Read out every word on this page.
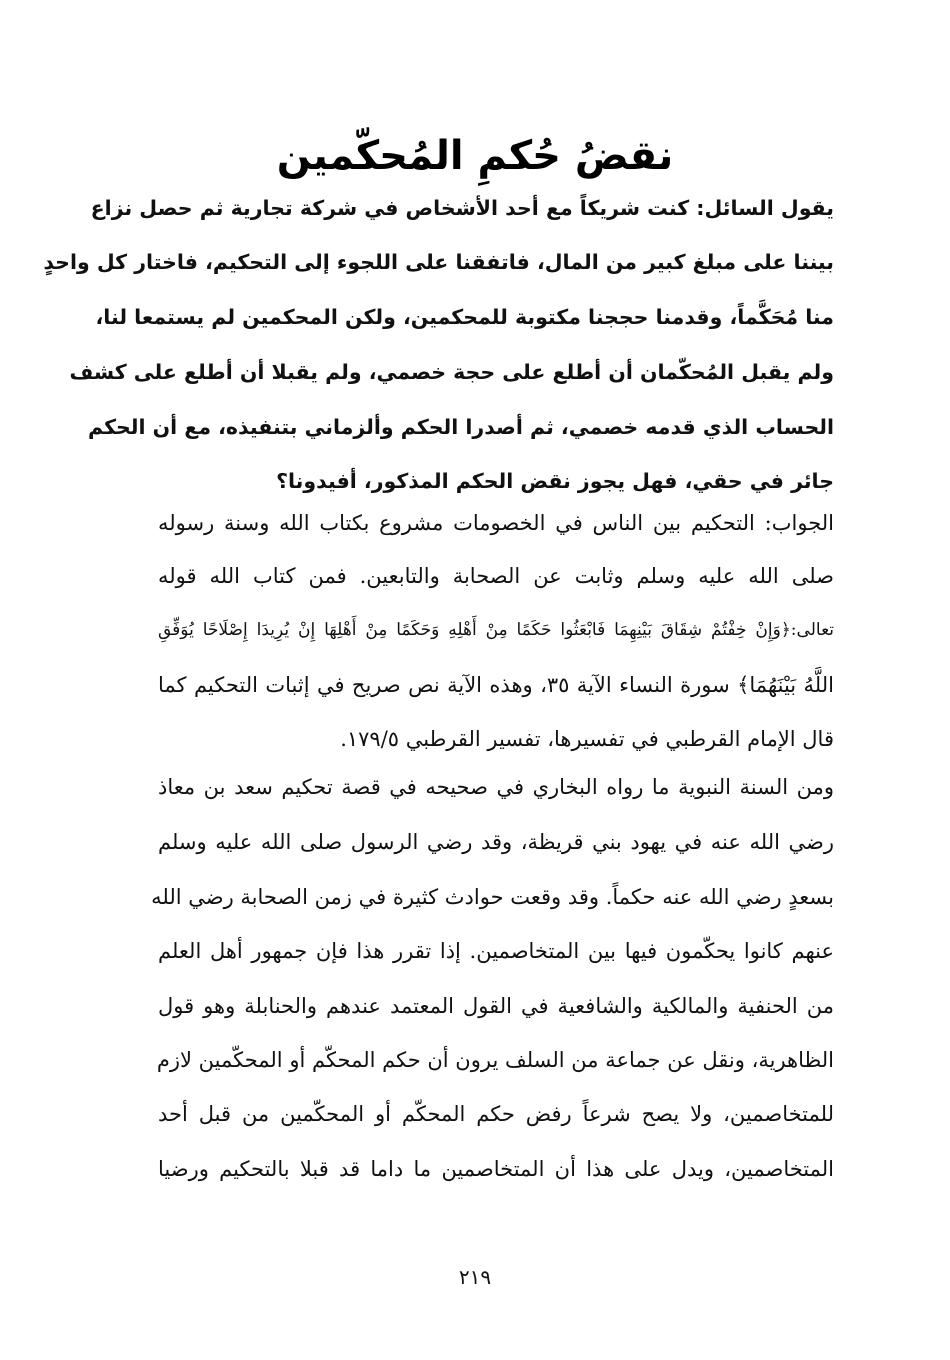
نقضُ حُكمِ المُحكّمين
يقول السائل: كنت شريكاً مع أحد الأشخاص في شركة تجارية ثم حصل نزاع
بيننا على مبلغ كبير من المال، فاتفقنا على اللجوء إلى التحكيم، فاختار كل واحدٍ
منا مُحَكَّماً، وقدمنا حججنا مكتوبة للمحكمين، ولكن المحكمين لم يستمعا لنا،
ولم يقبل المُحكّمان أن أطلع على حجة خصمي، ولم يقبلا أن أطلع على كشف
الحساب الذي قدمه خصمي، ثم أصدرا الحكم وألزماني بتنفيذه، مع أن الحكم
جائر في حقي، فهل يجوز نقض الحكم المذكور، أفيدونا؟
الجواب: التحكيم بين الناس في الخصومات مشروع بكتاب الله وسنة رسوله
صلى الله عليه وسلم وثابت عن الصحابة والتابعين. فمن كتاب الله قوله
تعالى:﴿وَإِنْ خِفْتُمْ شِقَاقَ بَيْنِهِمَا فَابْعَثُوا حَكَمًا مِنْ أَهْلِهِ وَحَكَمًا مِنْ أَهْلِهَا إِنْ يُرِيدَا إِصْلَاحًا يُوَفِّقِ
اللَّهُ بَيْنَهُمَا﴾ سورة النساء الآية ٣٥، وهذه الآية نص صريح في إثبات التحكيم كما
قال الإمام القرطبي في تفسيرها، تفسير القرطبي ١٧٩/٥.
ومن السنة النبوية ما رواه البخاري في صحيحه في قصة تحكيم سعد بن معاذ
رضي الله عنه في يهود بني قريظة، وقد رضي الرسول صلى الله عليه وسلم
بسعدٍ رضي الله عنه حكماً. وقد وقعت حوادث كثيرة في زمن الصحابة رضي الله
عنهم كانوا يحكّمون فيها بين المتخاصمين. إذا تقرر هذا فإن جمهور أهل العلم
من الحنفية والمالكية والشافعية في القول المعتمد عندهم والحنابلة وهو قول
الظاهرية، ونقل عن جماعة من السلف يرون أن حكم المحكّم أو المحكّمين لازم
للمتخاصمين، ولا يصح شرعاً رفض حكم المحكّم أو المحكّمين من قبل أحد
المتخاصمين، ويدل على هذا أن المتخاصمين ما داما قد قبلا بالتحكيم ورضيا
٢١٩
